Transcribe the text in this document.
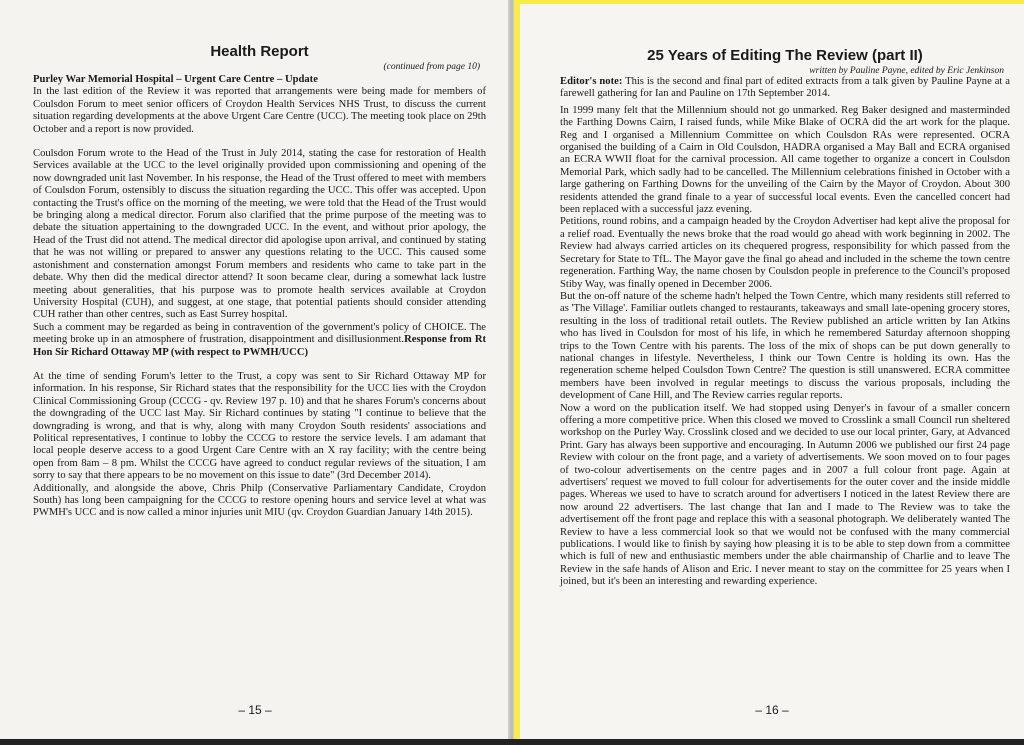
Health Report

(continued from page 10)

Purley War Memorial Hospital – Urgent Care Centre – Update

In the last edition of the Review it was reported that arrangements were being made for members of Coulsdon Forum to meet senior officers of Croydon Health Services NHS Trust, to discuss the current situation regarding developments at the above Urgent Care Centre (UCC). The meeting took place on 29th October and a report is now provided.

Coulsdon Forum wrote to the Head of the Trust in July 2014, stating the case for restoration of Health Services available at the UCC to the level originally provided upon commissioning and opening of the now downgraded unit last November. In his response, the Head of the Trust offered to meet with members of Coulsdon Forum, ostensibly to discuss the situation regarding the UCC. This offer was accepted. Upon contacting the Trust's office on the morning of the meeting, we were told that the Head of the Trust would be bringing along a medical director. Forum also clarified that the prime purpose of the meeting was to debate the situation appertaining to the downgraded UCC. In the event, and without prior apology, the Head of the Trust did not attend. The medical director did apologise upon arrival, and continued by stating that he was not willing or prepared to answer any questions relating to the UCC. This caused some astonishment and consternation amongst Forum members and residents who came to take part in the debate. Why then did the medical director attend? It soon became clear, during a somewhat lack lustre meeting about generalities, that his purpose was to promote health services available at Croydon University Hospital (CUH), and suggest, at one stage, that potential patients should consider attending CUH rather than other centres, such as East Surrey hospital.

Such a comment may be regarded as being in contravention of the government's policy of CHOICE. The meeting broke up in an atmosphere of frustration, disappointment and disillusionment.Response from Rt Hon Sir Richard Ottaway MP (with respect to PWMH/UCC)

At the time of sending Forum's letter to the Trust, a copy was sent to Sir Richard Ottaway MP for information. In his response, Sir Richard states that the responsibility for the UCC lies with the Croydon Clinical Commissioning Group (CCCG - qv. Review 197 p. 10) and that he shares Forum's concerns about the downgrading of the UCC last May. Sir Richard continues by stating "I continue to believe that the downgrading is wrong, and that is why, along with many Croydon South residents' associations and Political representatives, I continue to lobby the CCCG to restore the service levels. I am adamant that local people deserve access to a good Urgent Care Centre with an X ray facility; with the centre being open from 8am – 8 pm. Whilst the CCCG have agreed to conduct regular reviews of the situation, I am sorry to say that there appears to be no movement on this issue to date" (3rd December 2014).

Additionally, and alongside the above, Chris Philp (Conservative Parliamentary Candidate, Croydon South) has long been campaigning for the CCCG to restore opening hours and service level at what was PWMH's UCC and is now called a minor injuries unit MIU (qv. Croydon Guardian January 14th 2015).

– 15 –
25 Years of Editing The Review (part II)

written by Pauline Payne, edited by Eric Jenkinson

Editor's note: This is the second and final part of edited extracts from a talk given by Pauline Payne at a farewell gathering for Ian and Pauline on 17th September 2014.

In 1999 many felt that the Millennium should not go unmarked. Reg Baker designed and masterminded the Farthing Downs Cairn, I raised funds, while Mike Blake of OCRA did the art work for the plaque. Reg and I organised a Millennium Committee on which Coulsdon RAs were represented. OCRA organised the building of a Cairn in Old Coulsdon, HADRA organised a May Ball and ECRA organised an ECRA WWII float for the carnival procession. All came together to organize a concert in Coulsdon Memorial Park, which sadly had to be cancelled. The Millennium celebrations finished in October with a large gathering on Farthing Downs for the unveiling of the Cairn by the Mayor of Croydon. About 300 residents attended the grand finale to a year of successful local events. Even the cancelled concert had been replaced with a successful jazz evening.

Petitions, round robins, and a campaign headed by the Croydon Advertiser had kept alive the proposal for a relief road. Eventually the news broke that the road would go ahead with work beginning in 2002. The Review had always carried articles on its chequered progress, responsibility for which passed from the Secretary for State to TfL. The Mayor gave the final go ahead and included in the scheme the town centre regeneration. Farthing Way, the name chosen by Coulsdon people in preference to the Council's proposed Stiby Way, was finally opened in December 2006.

But the on-off nature of the scheme hadn't helped the Town Centre, which many residents still referred to as 'The Village'. Familiar outlets changed to restaurants, takeaways and small late-opening grocery stores, resulting in the loss of traditional retail outlets. The Review published an article written by Ian Atkins who has lived in Coulsdon for most of his life, in which he remembered Saturday afternoon shopping trips to the Town Centre with his parents. The loss of the mix of shops can be put down generally to national changes in lifestyle. Nevertheless, I think our Town Centre is holding its own. Has the regeneration scheme helped Coulsdon Town Centre? The question is still unanswered. ECRA committee members have been involved in regular meetings to discuss the various proposals, including the development of Cane Hill, and The Review carries regular reports.

Now a word on the publication itself. We had stopped using Denyer's in favour of a smaller concern offering a more competitive price. When this closed we moved to Crosslink a small Council run sheltered workshop on the Purley Way. Crosslink closed and we decided to use our local printer, Gary, at Advanced Print. Gary has always been supportive and encouraging. In Autumn 2006 we published our first 24 page Review with colour on the front page, and a variety of advertisements. We soon moved on to four pages of two-colour advertisements on the centre pages and in 2007 a full colour front page. Again at advertisers' request we moved to full colour for advertisements for the outer cover and the inside middle pages. Whereas we used to have to scratch around for advertisers I noticed in the latest Review there are now around 22 advertisers. The last change that Ian and I made to The Review was to take the advertisement off the front page and replace this with a seasonal photograph. We deliberately wanted The Review to have a less commercial look so that we would not be confused with the many commercial publications. I would like to finish by saying how pleasing it is to be able to step down from a committee which is full of new and enthusiastic members under the able chairmanship of Charlie and to leave The Review in the safe hands of Alison and Eric. I never meant to stay on the committee for 25 years when I joined, but it's been an interesting and rewarding experience.

– 16 –
